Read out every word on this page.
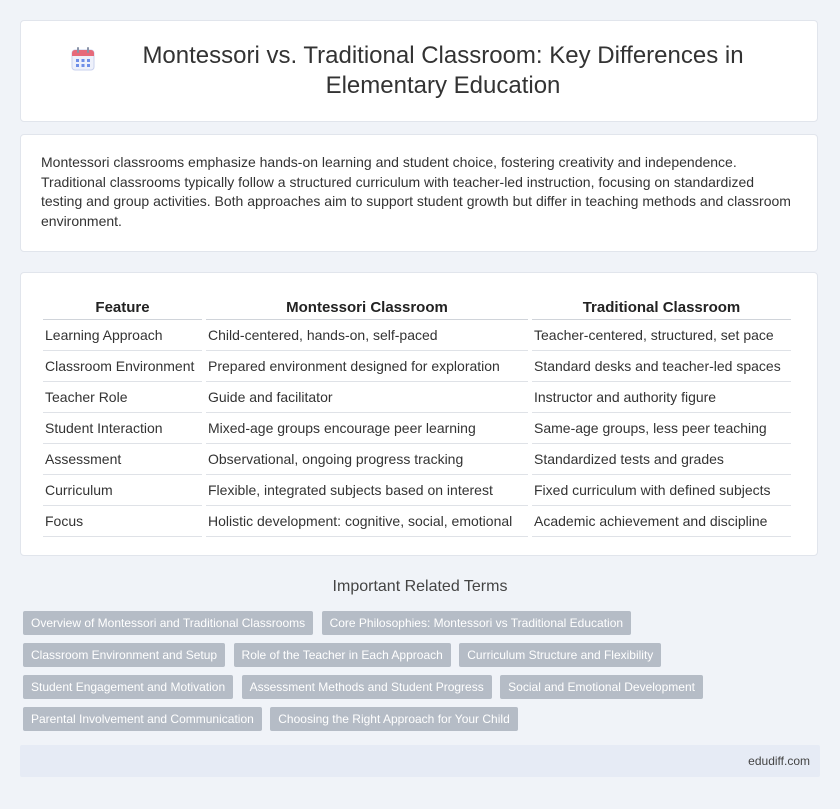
Montessori vs. Traditional Classroom: Key Differences in Elementary Education

Montessori classrooms emphasize hands-on learning and student choice, fostering creativity and independence. Traditional classrooms typically follow a structured curriculum with teacher-led instruction, focusing on standardized testing and group activities. Both approaches aim to support student growth but differ in teaching methods and classroom environment.

Feature	Montessori Classroom	Traditional Classroom
Learning Approach	Child-centered, hands-on, self-paced	Teacher-centered, structured, set pace
Classroom Environment	Prepared environment designed for exploration	Standard desks and teacher-led spaces
Teacher Role	Guide and facilitator	Instructor and authority figure
Student Interaction	Mixed-age groups encourage peer learning	Same-age groups, less peer teaching
Assessment	Observational, ongoing progress tracking	Standardized tests and grades
Curriculum	Flexible, integrated subjects based on interest	Fixed curriculum with defined subjects
Focus	Holistic development: cognitive, social, emotional	Academic achievement and discipline
Important Related Terms
Overview of Montessori and Traditional Classrooms Core Philosophies: Montessori vs Traditional Education Classroom Environment and Setup Role of the Teacher in Each Approach Curriculum Structure and Flexibility Student Engagement and Motivation Assessment Methods and Student Progress Social and Emotional Development Parental Involvement and Communication Choosing the Right Approach for Your Child
edudiff.com
